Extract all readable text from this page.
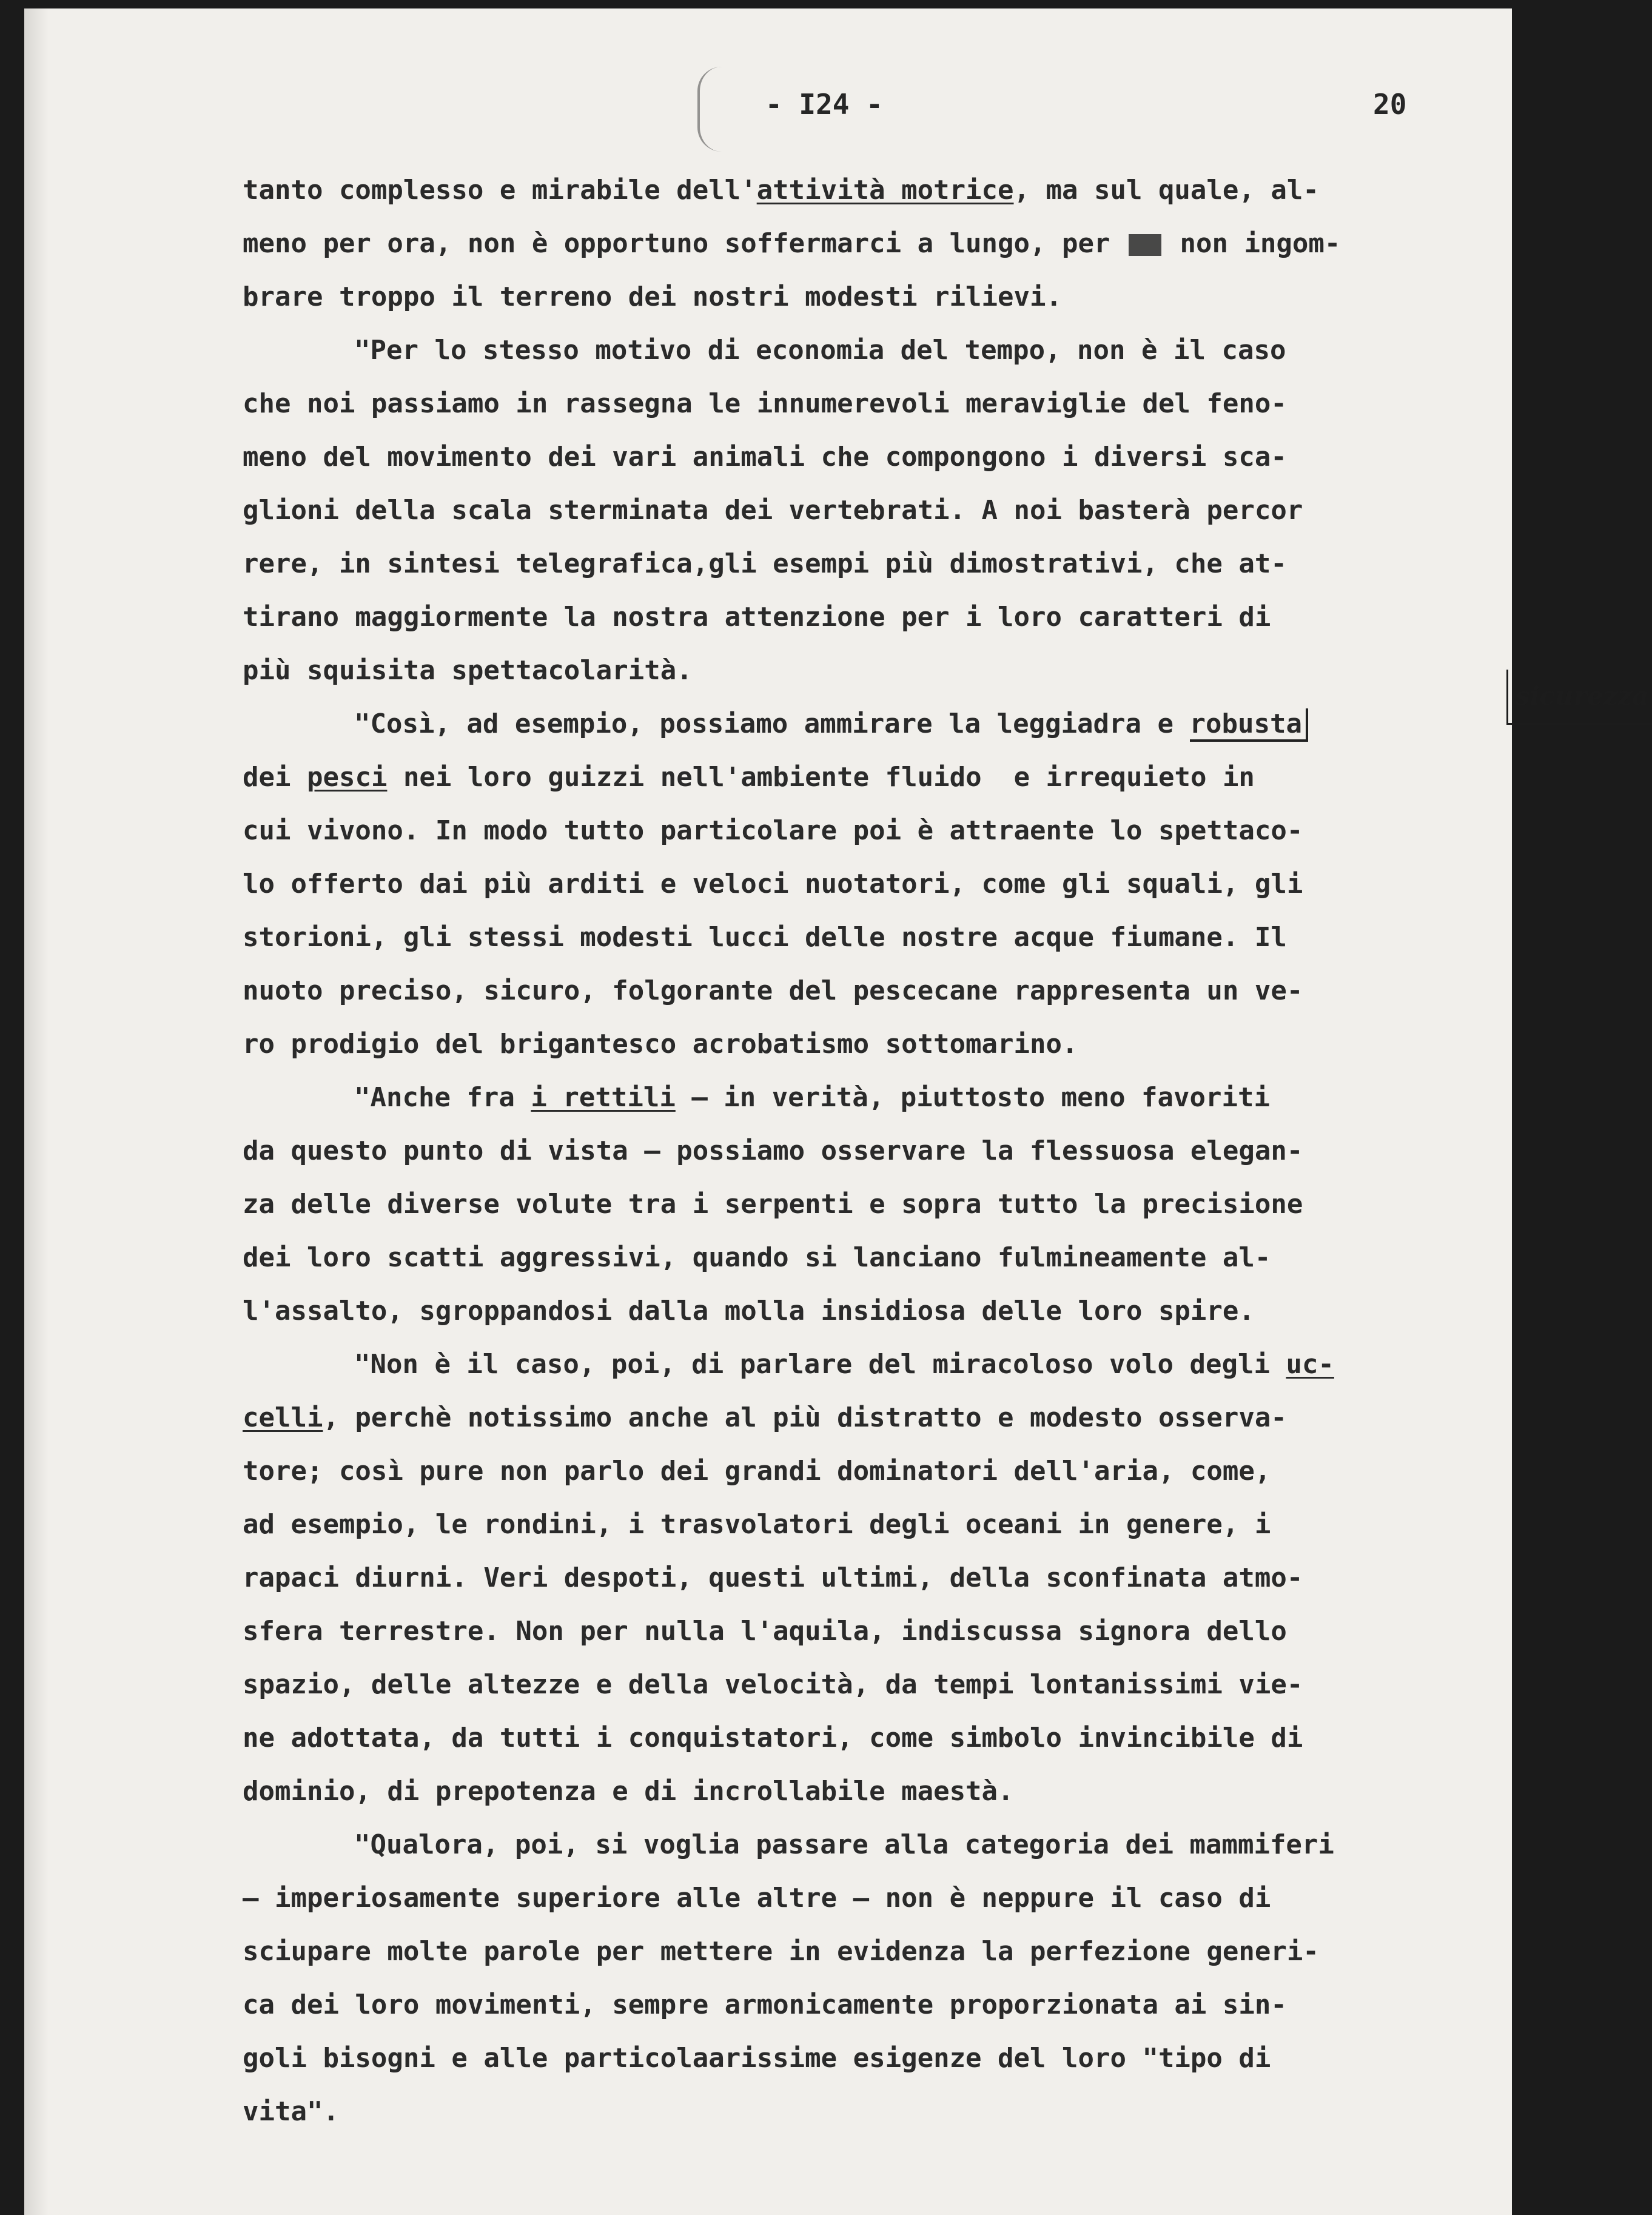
- I24 -	20
tanto complesso e mirabile dell'attività motrice, ma sul quale, al-
meno per ora, non è opportuno soffermarci a lungo, per	non ingom-
brare troppo il terreno dei nostri modesti rilievi.
"Per lo stesso motivo di economia del tempo, non è il caso
che noi passiamo in rassegna le innumerevoli meraviglie del feno-
meno del movimento dei vari animali che compongono i diversi sca-
glioni della scala sterminata dei vertebrati. A noi basterà percor
rere, in sintesi telegrafica,gli esempi più dimostrativi, che at-
tirano maggiormente la nostra attenzione per i loro caratteri di
più squisita spettacolarità.
"Così, ad esempio, possiamo ammirare la leggiadra e robusta
sicurezza
dei pesci nei loro guizzi nell'ambiente fluido  e irrequieto in
cui vivono. In modo tutto particolare poi è attraente lo spettaco-
lo offerto dai più arditi e veloci nuotatori, come gli squali, gli
storioni, gli stessi modesti lucci delle nostre acque fiumane. Il
nuoto preciso, sicuro, folgorante del pescecane rappresenta un ve-
ro prodigio del brigantesco acrobatismo sottomarino.
"Anche fra i rettili — in verità, piuttosto meno favoriti
da questo punto di vista — possiamo osservare la flessuosa elegan-
za delle diverse volute tra i serpenti e sopra tutto la precisione
dei loro scatti aggressivi, quando si lanciano fulmineamente al-
l'assalto, sgroppandosi dalla molla insidiosa delle loro spire.
"Non è il caso, poi, di parlare del miracoloso volo degli uc-
celli, perchè notissimo anche al più distratto e modesto osserva-
tore; così pure non parlo dei grandi dominatori dell'aria, come,
ad esempio, le rondini, i trasvolatori degli oceani in genere, i
rapaci diurni. Veri despoti, questi ultimi, della sconfinata atmo-
sfera terrestre. Non per nulla l'aquila, indiscussa signora dello
spazio, delle altezze e della velocità, da tempi lontanissimi vie-
ne adottata, da tutti i conquistatori, come simbolo invincibile di
dominio, di prepotenza e di incrollabile maestà.
"Qualora, poi, si voglia passare alla categoria dei mammiferi
— imperiosamente superiore alle altre — non è neppure il caso di
sciupare molte parole per mettere in evidenza la perfezione generi-
ca dei loro movimenti, sempre armonicamente proporzionata ai sin-
goli bisogni e alle particolaarissime esigenze del loro "tipo di
vita".
